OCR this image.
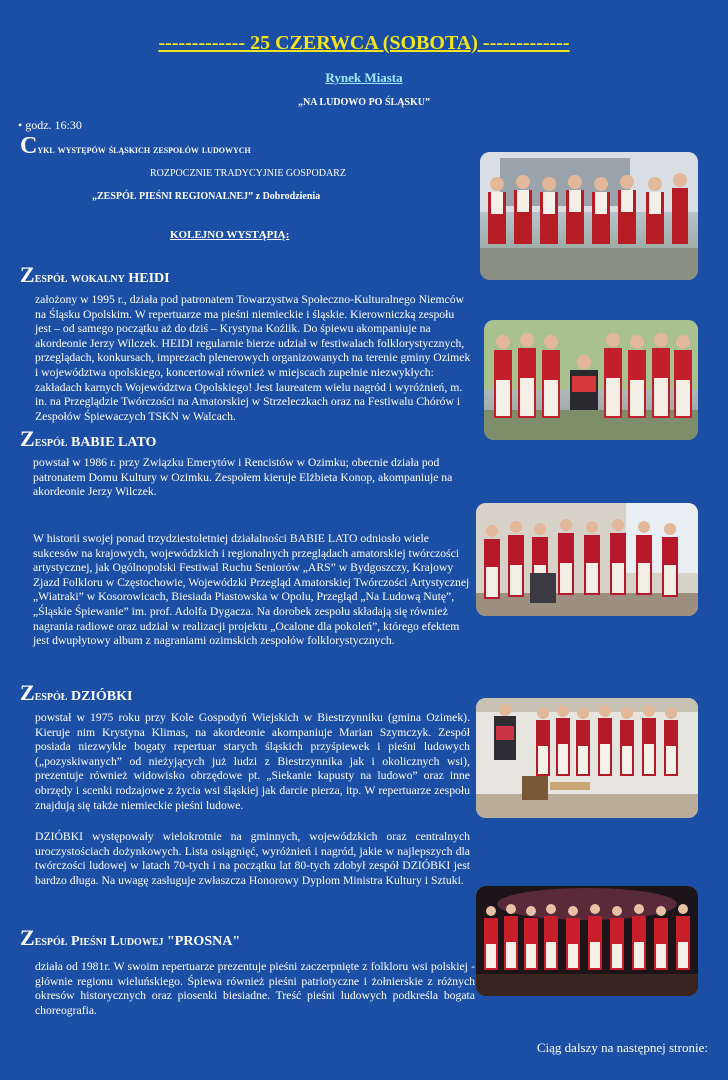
------------- 25 CZERWCA (SOBOTA) -------------
Rynek Miasta
„NA LUDOWO PO ŚLĄSKU”
• godz. 16:30
Cykl występów śląskich zespołów ludowych
ROZPOCZNIE TRADYCYJNIE GOSPODARZ
„ZESPÓŁ PIEŚNI REGIONALNEJ” z Dobrodzienia
KOLEJNO WYSTĄPIĄ:
Zespół wokalny HEIDI

założony w 1995 r., działa pod patronatem Towarzystwa Społeczno-Kulturalnego Niemców na Śląsku Opolskim. W repertuarze ma pieśni niemieckie i śląskie. Kierowniczką zespołu jest – od samego początku aż do dziś – Krystyna Koźlik. Do śpiewu akompaniuje na akordeonie Jerzy Wilczek. HEIDI regularnie bierze udział w festiwalach folklorystycznych, przeglądach, konkursach, imprezach plenerowych organizowanych na terenie gminy Ozimek i województwa opolskiego, koncertował również w miejscach zupełnie niezwykłych: zakładach karnych Województwa Opolskiego! Jest laureatem wielu nagród i wyróżnień, m. in. na Przeglądzie Twórczości na Amatorskiej w Strzeleczkach oraz na Festiwalu Chórów i Zespołów Śpiewaczych TSKN w Walcach.

Zespół BABIE LATO

powstał w 1986 r. przy Związku Emerytów i Rencistów w Ozimku; obecnie działa pod patronatem Domu Kultury w Ozimku. Zespołem kieruje Elżbieta Konop, akompaniuje na akordeonie Jerzy Wilczek.

W historii swojej ponad trzydziestoletniej działalności BABIE LATO odniosło wiele sukcesów na krajowych, wojewódzkich i regionalnych przeglądach amatorskiej twórczości artystycznej, jak Ogólnopolski Festiwal Ruchu Seniorów „ARS” w Bydgoszczy, Krajowy Zjazd Folkloru w Częstochowie, Wojewódzki Przegląd Amatorskiej Twórczości Artystycznej „Wiatraki” w Kosorowicach, Biesiada Piastowska w Opolu, Przegląd „Na Ludową Nutę”, „Śląskie Śpiewanie” im. prof. Adolfa Dygacza. Na dorobek zespołu składają się również nagrania radiowe oraz udział w realizacji projektu „Ocalone dla pokoleń”, którego efektem jest dwupłytowy album z nagraniami ozimskich zespołów folklorystycznych.

Zespół DZIÓBKI

powstał w 1975 roku przy Kole Gospodyń Wiejskich w Biestrzynniku (gmina Ozimek). Kieruje nim Krystyna Klimas, na akordeonie akompaniuje Marian Szymczyk. Zespół posiada niezwykle bogaty repertuar starych śląskich przyśpiewek i pieśni ludowych („pozyskiwanych” od nieżyjących już ludzi z Biestrzynnika jak i okolicznych wsi), prezentuje również widowisko obrzędowe pt. „Siekanie kapusty na ludowo” oraz inne obrzędy i scenki rodzajowe z życia wsi śląskiej jak darcie pierza, itp. W repertuarze zespołu znajdują się także niemieckie pieśni ludowe.

DZIÓBKI występowały wielokrotnie na gminnych, wojewódzkich oraz centralnych uroczystościach dożynkowych. Lista osiągnięć, wyróżnień i nagród, jakie w najlepszych dla twórczości ludowej w latach 70-tych i na początku lat 80-tych zdobył zespół DZIÓBKI jest bardzo długa. Na uwagę zasługuje zwłaszcza Honorowy Dyplom Ministra Kultury i Sztuki.

Zespół Pieśni Ludowej "PROSNA"

działa od 1981r. W swoim repertuarze prezentuje pieśni zaczerpnięte z folkloru wsi polskiej - głównie regionu wieluńskiego. Śpiewa również pieśni patriotyczne i żołnierskie z różnych okresów historycznych oraz piosenki biesiadne. Treść pieśni ludowych podkreśla bogata choreografia.

Ciąg dalszy na następnej stronie:
